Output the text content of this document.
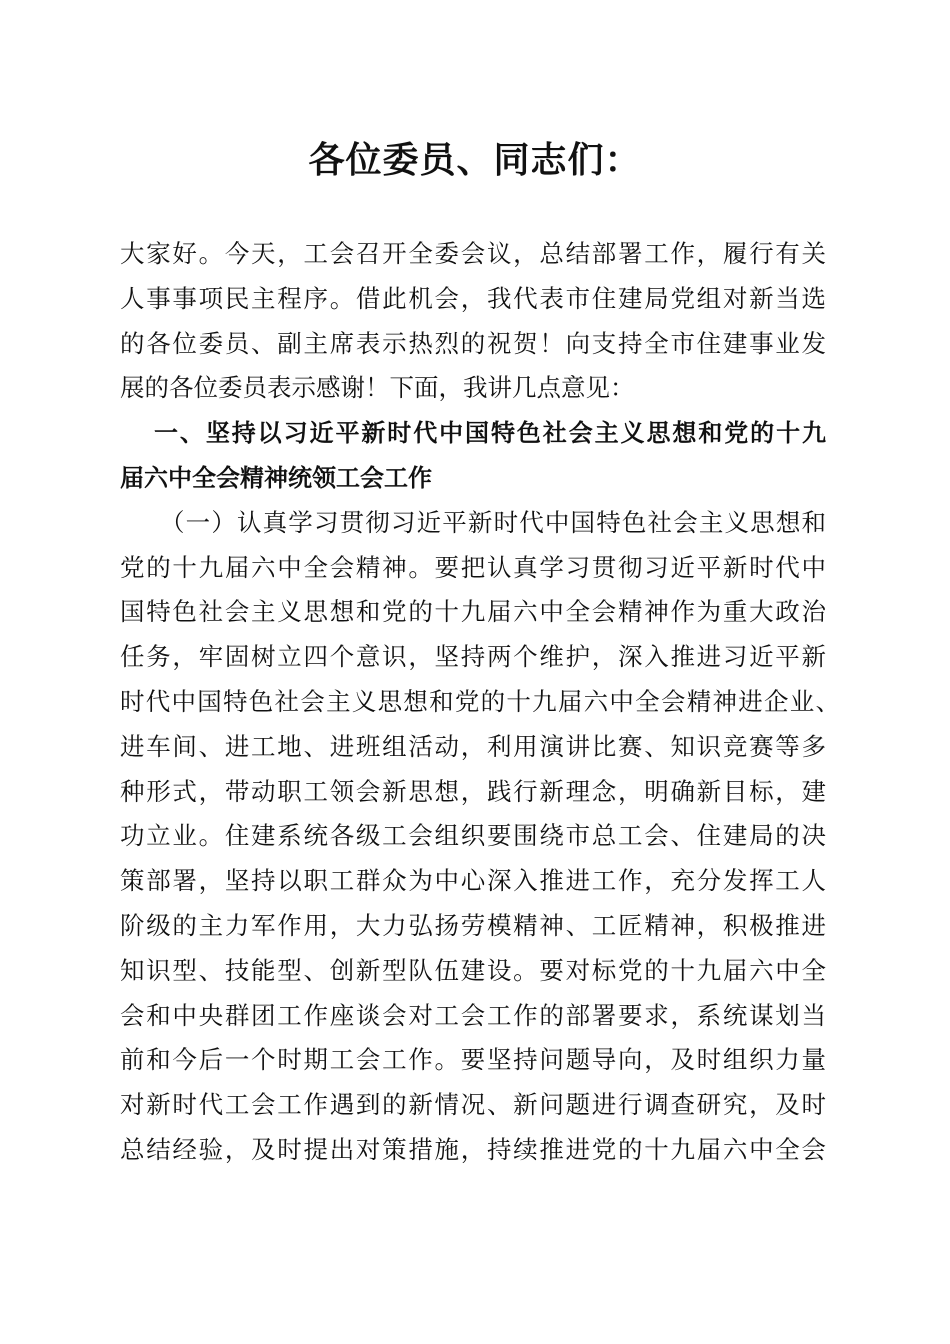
各位委员、同志们：
大家好。今天，工会召开全委会议，总结部署工作，履行有关
人事事项民主程序。借此机会，我代表市住建局党组对新当选
的各位委员、副主席表示热烈的祝贺！向支持全市住建事业发
展的各位委员表示感谢！下面，我讲几点意见：
一、坚持以习近平新时代中国特色社会主义思想和党的十九
届六中全会精神统领工会工作
（一）认真学习贯彻习近平新时代中国特色社会主义思想和
党的十九届六中全会精神。要把认真学习贯彻习近平新时代中
国特色社会主义思想和党的十九届六中全会精神作为重大政治
任务，牢固树立四个意识，坚持两个维护，深入推进习近平新
时代中国特色社会主义思想和党的十九届六中全会精神进企业、
进车间、进工地、进班组活动，利用演讲比赛、知识竞赛等多
种形式，带动职工领会新思想，践行新理念，明确新目标，建
功立业。住建系统各级工会组织要围绕市总工会、住建局的决
策部署，坚持以职工群众为中心深入推进工作，充分发挥工人
阶级的主力军作用，大力弘扬劳模精神、工匠精神，积极推进
知识型、技能型、创新型队伍建设。要对标党的十九届六中全
会和中央群团工作座谈会对工会工作的部署要求，系统谋划当
前和今后一个时期工会工作。要坚持问题导向，及时组织力量
对新时代工会工作遇到的新情况、新问题进行调查研究，及时
总结经验，及时提出对策措施，持续推进党的十九届六中全会
